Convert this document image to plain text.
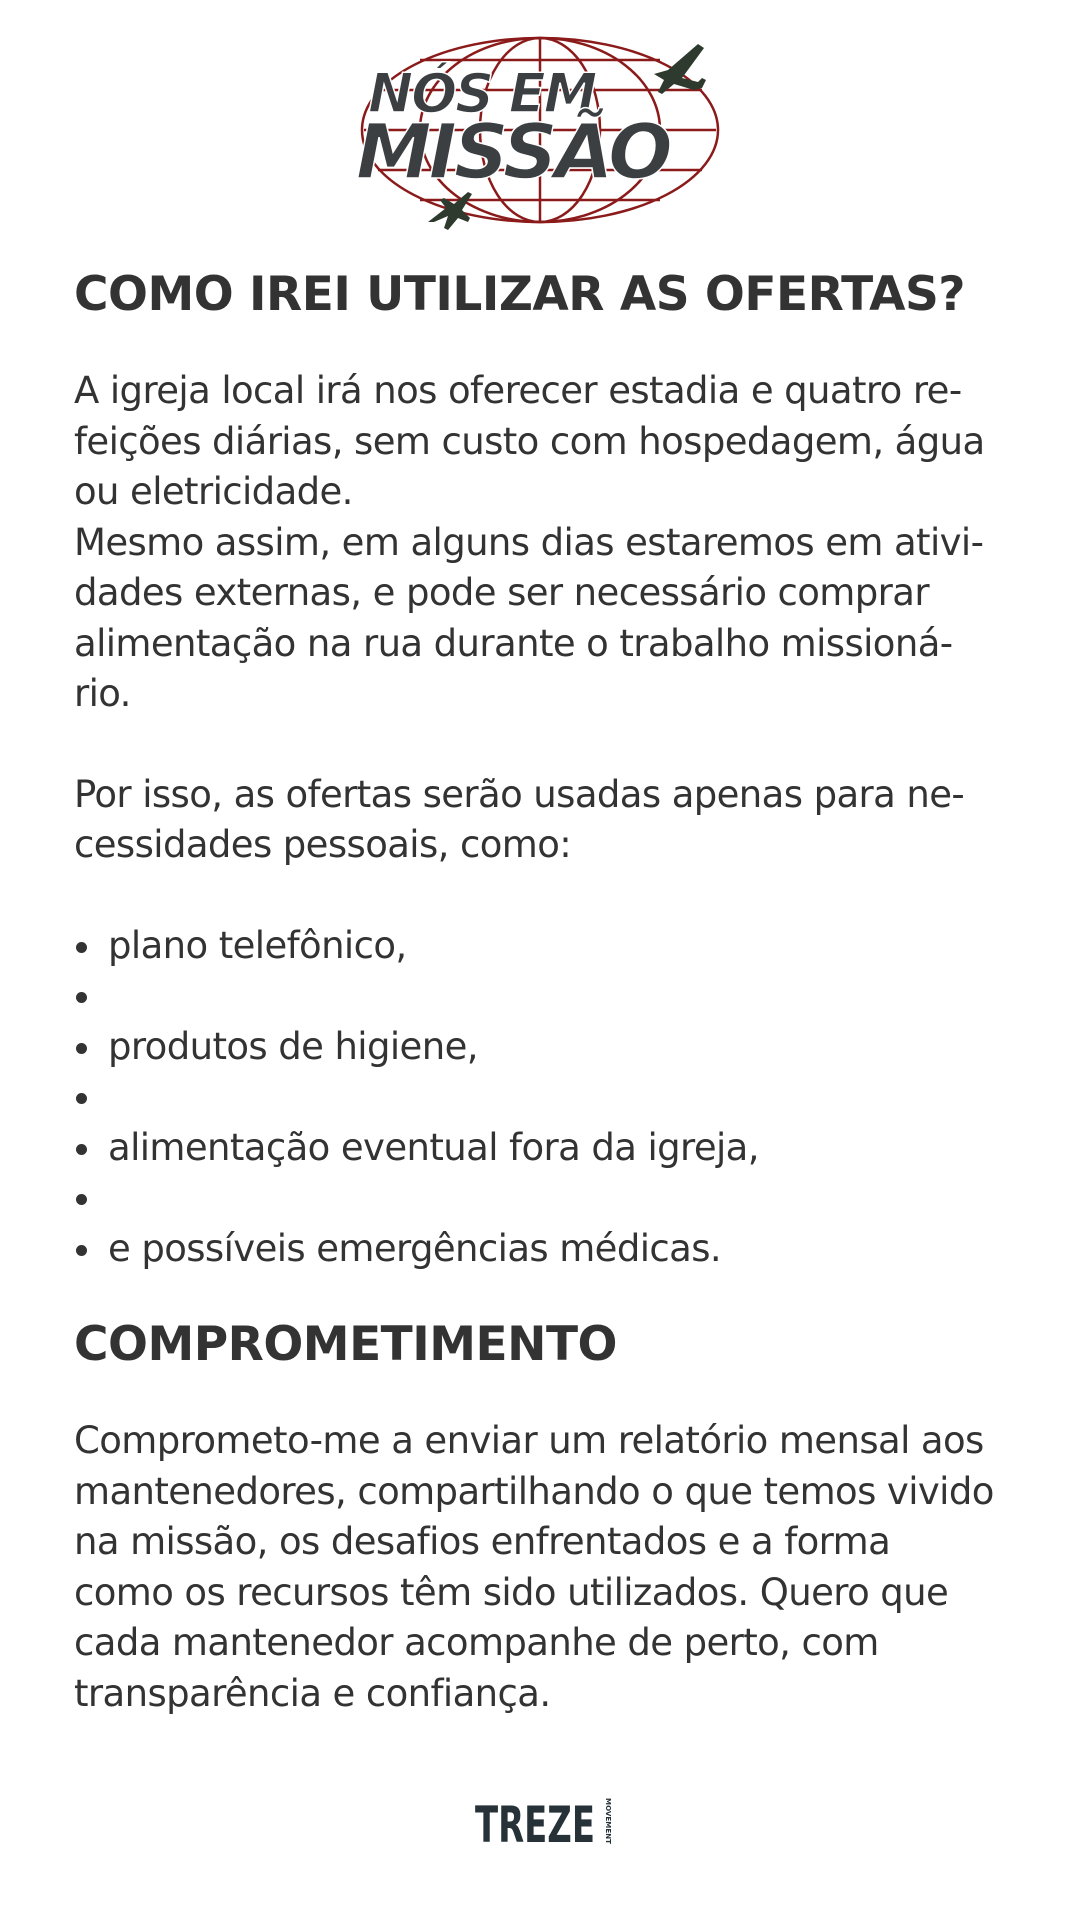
NÓS EM
MISSÃO
COMO IREI UTILIZAR AS OFERTAS?

A igreja local irá nos oferecer estadia e quatro re-

feições diárias, sem custo com hospedagem, água

ou eletricidade.

Mesmo assim, em alguns dias estaremos em ativi-

dades externas, e pode ser necessário comprar

alimentação na rua durante o trabalho missioná-

rio.

Por isso, as ofertas serão usadas apenas para ne-

cessidades pessoais, como:

plano telefônico,
produtos de higiene,
alimentação eventual fora da igreja,
e possíveis emergências médicas.
COMPROMETIMENTO

Comprometo-me a enviar um relatório mensal aos

mantenedores, compartilhando o que temos vivido

na missão, os desafios enfrentados e a forma

como os recursos têm sido utilizados. Quero que

cada mantenedor acompanhe de perto, com

transparência e confiança.

TREZE MOVEMENT
